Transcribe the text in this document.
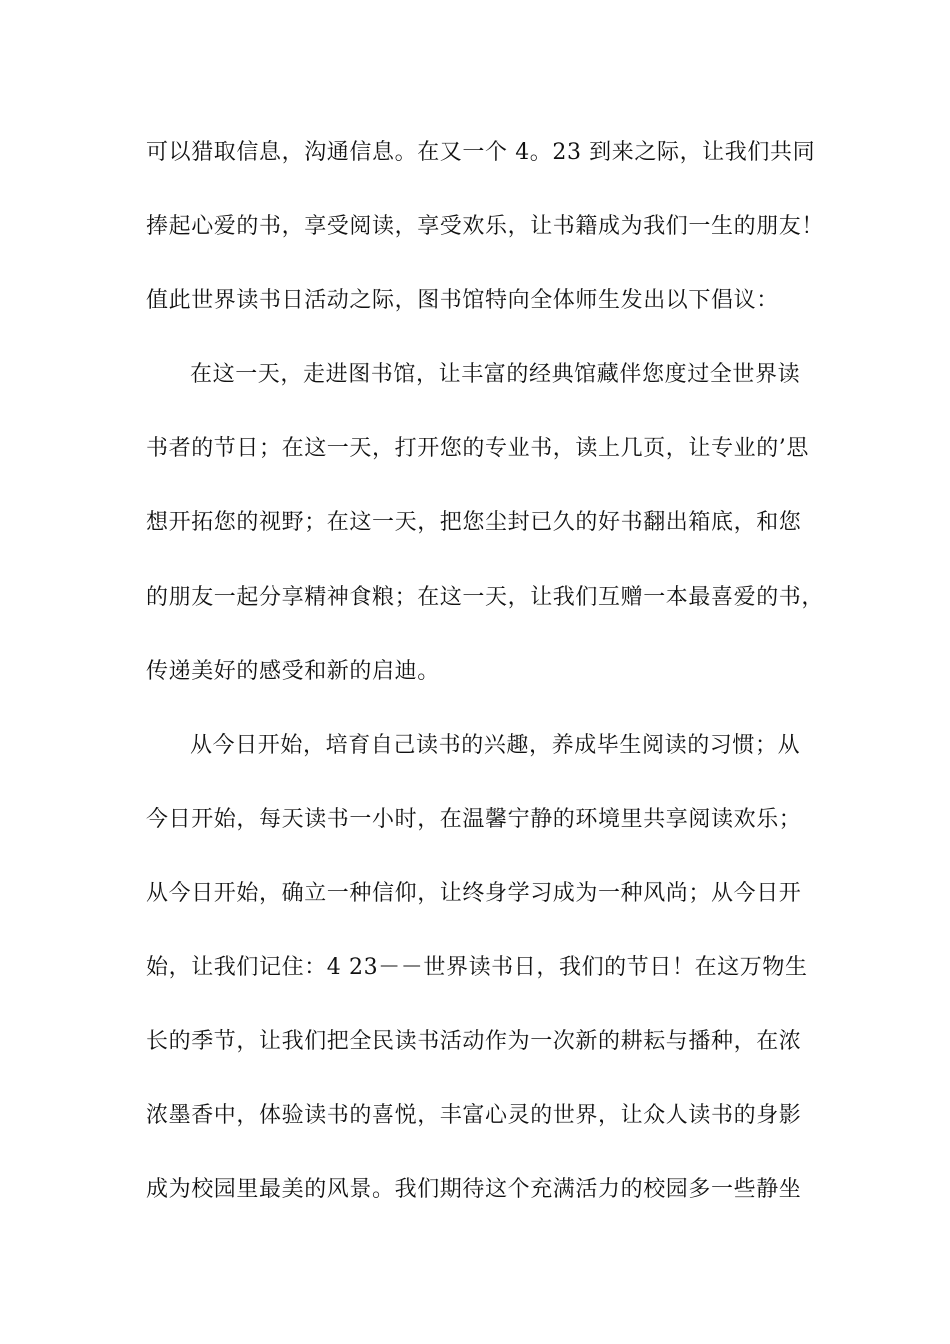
可以猎取信息，沟通信息。在又一个 4。23 到来之际，让我们共同
捧起心爱的书，享受阅读，享受欢乐，让书籍成为我们一生的朋友！
值此世界读书日活动之际，图书馆特向全体师生发出以下倡议：
在这一天，走进图书馆，让丰富的经典馆藏伴您度过全世界读
书者的节日；在这一天，打开您的专业书，读上几页，让专业的’思
想开拓您的视野；在这一天，把您尘封已久的好书翻出箱底，和您
的朋友一起分享精神食粮；在这一天，让我们互赠一本最喜爱的书，
传递美好的感受和新的启迪。
从今日开始，培育自己读书的兴趣，养成毕生阅读的习惯；从
今日开始，每天读书一小时，在温馨宁静的环境里共享阅读欢乐；
从今日开始，确立一种信仰，让终身学习成为一种风尚；从今日开
始，让我们记住：4 23－－世界读书日，我们的节日！在这万物生
长的季节，让我们把全民读书活动作为一次新的耕耘与播种，在浓
浓墨香中，体验读书的喜悦，丰富心灵的世界，让众人读书的身影
成为校园里最美的风景。我们期待这个充满活力的校园多一些静坐
